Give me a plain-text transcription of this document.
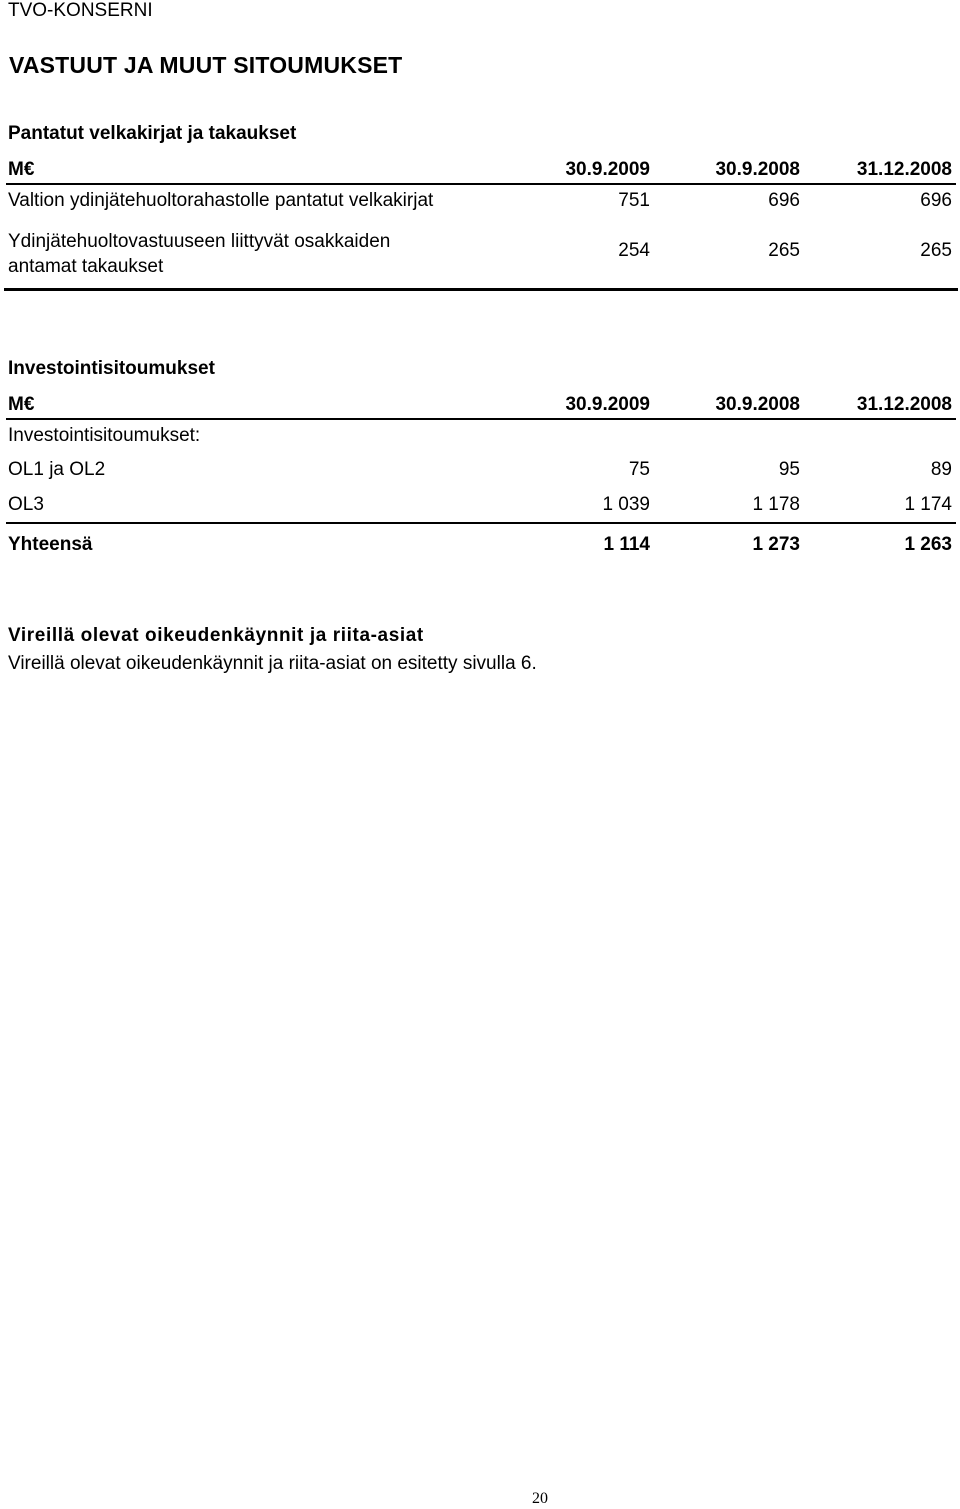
TVO-KONSERNI
VASTUUT JA MUUT SITOUMUKSET
Pantatut velkakirjat ja takaukset
M€	30.9.2009	30.9.2008	31.12.2008
Valtion ydinjätehuoltorahastolle pantatut velkakirjat	751	696	696
Ydinjätehuoltovastuuseen liittyvät osakkaiden
antamat takaukset
254	265	265
Investointisitoumukset
M€	30.9.2009	30.9.2008	31.12.2008
Investointisitoumukset:
OL1 ja OL2	75	95	89
OL3	1 039	1 178	1 174
Yhteensä	1 114	1 273	1 263
Vireillä olevat oikeudenkäynnit ja riita-asiat
Vireillä olevat oikeudenkäynnit ja riita-asiat on esitetty sivulla 6.
20
